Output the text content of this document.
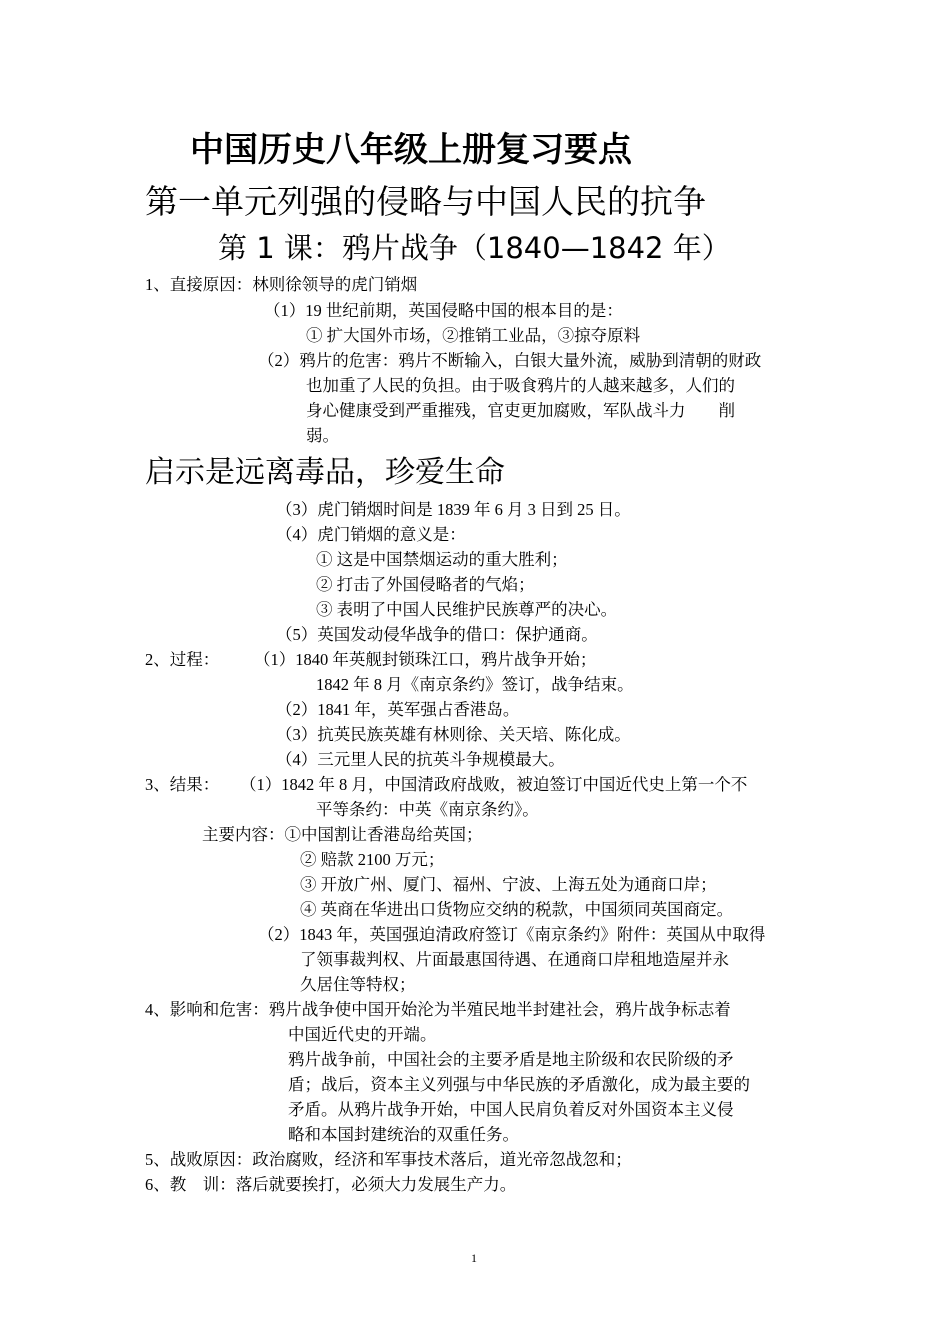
中国历史八年级上册复习要点
第一单元列强的侵略与中国人民的抗争
第 1 课：鸦片战争（1840—1842 年）
1、直接原因：林则徐领导的虎门销烟
（1）19 世纪前期，英国侵略中国的根本目的是：
① 扩大国外市场，②推销工业品，③掠夺原料
（2）鸦片的危害：鸦片不断输入，白银大量外流，威胁到清朝的财政
也加重了人民的负担。由于吸食鸦片的人越来越多，人们的
身心健康受到严重摧残，官吏更加腐败，军队战斗力　　削
弱。
启示是远离毒品，珍爱生命
（3）虎门销烟时间是 1839 年 6 月 3 日到 25 日。
（4）虎门销烟的意义是：
① 这是中国禁烟运动的重大胜利；
② 打击了外国侵略者的气焰；
③ 表明了中国人民维护民族尊严的决心。
（5）英国发动侵华战争的借口：保护通商。
2、过程： （1）1840 年英舰封锁珠江口，鸦片战争开始；
1842 年 8 月《南京条约》签订，战争结束。
（2）1841 年，英军强占香港岛。
（3）抗英民族英雄有林则徐、关天培、陈化成。
（4）三元里人民的抗英斗争规模最大。
3、结果： （1）1842 年 8 月，中国清政府战败，被迫签订中国近代史上第一个不
平等条约：中英《南京条约》。
主要内容：①中国割让香港岛给英国；
② 赔款 2100 万元；
③ 开放广州、厦门、福州、宁波、上海五处为通商口岸；
④ 英商在华进出口货物应交纳的税款，中国须同英国商定。
（2）1843 年，英国强迫清政府签订《南京条约》附件：英国从中取得
了领事裁判权、片面最惠国待遇、在通商口岸租地造屋并永
久居住等特权；
4、影响和危害：鸦片战争使中国开始沦为半殖民地半封建社会，鸦片战争标志着
中国近代史的开端。
鸦片战争前，中国社会的主要矛盾是地主阶级和农民阶级的矛
盾；战后，资本主义列强与中华民族的矛盾激化，成为最主要的
矛盾。从鸦片战争开始，中国人民肩负着反对外国资本主义侵
略和本国封建统治的双重任务。
5、战败原因：政治腐败，经济和军事技术落后，道光帝忽战忽和；
6、教　训：落后就要挨打，必须大力发展生产力。
1
